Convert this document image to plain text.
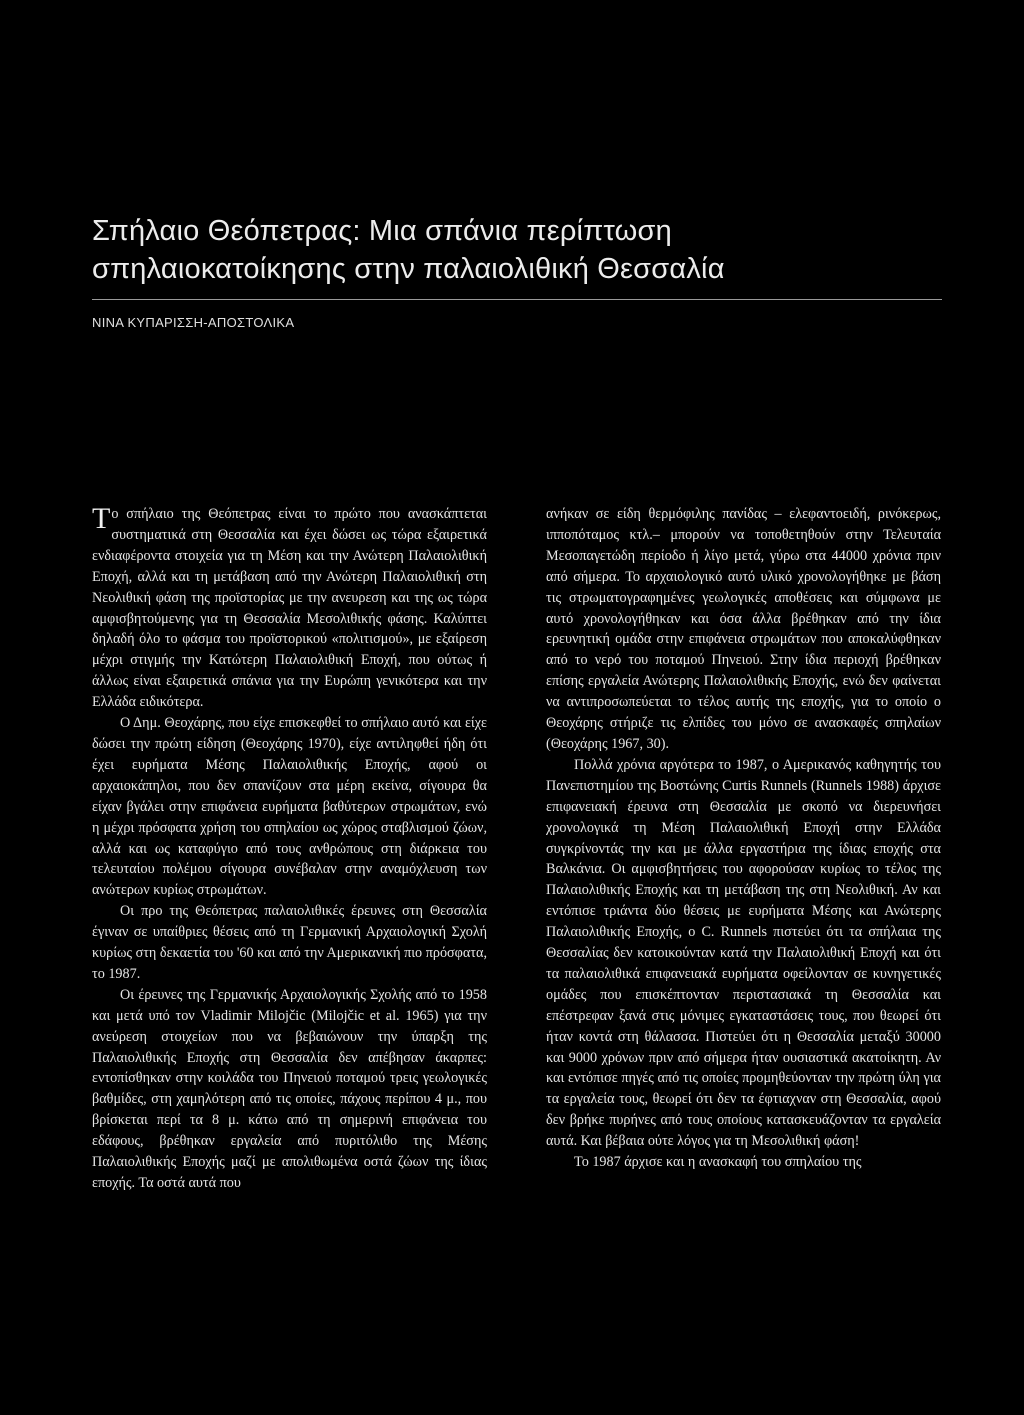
Σπήλαιο Θεόπετρας: Μια σπάνια περίπτωση
σπηλαιοκατοίκησης στην παλαιολιθική Θεσσαλία
ΝΙΝΑ ΚΥΠΑΡΙΣΣΗ-ΑΠΟΣΤΟΛΙΚΑ

Το σπήλαιο της Θεόπετρας είναι το πρώτο που ανασκάπτεται συστηματικά στη Θεσσαλία και έχει δώσει ως τώρα εξαιρετικά ενδιαφέροντα στοιχεία για τη Μέση και την Ανώτερη Παλαιολιθική Εποχή, αλλά και τη μετάβαση από την Ανώτερη Παλαιολιθική στη Νεολιθική φάση της προϊστορίας με την ανευρεση και της ως τώρα αμφισβητούμενης για τη Θεσσαλία Μεσολιθικής φάσης. Καλύπτει δηλαδή όλο το φάσμα του προϊστορικού «πολιτισμού», με εξαίρεση μέχρι στιγμής την Κατώτερη Παλαιολιθική Εποχή, που ούτως ή άλλως είναι εξαιρετικά σπάνια για την Ευρώπη γενικότερα και την Ελλάδα ειδικότερα.

Ο Δημ. Θεοχάρης, που είχε επισκεφθεί το σπήλαιο αυτό και είχε δώσει την πρώτη είδηση (Θεοχάρης 1970), είχε αντιληφθεί ήδη ότι έχει ευρήματα Μέσης Παλαιολιθικής Εποχής, αφού οι αρχαιοκάπηλοι, που δεν σπανίζουν στα μέρη εκείνα, σίγουρα θα είχαν βγάλει στην επιφάνεια ευρήματα βαθύτερων στρωμάτων, ενώ η μέχρι πρόσφατα χρήση του σπηλαίου ως χώρος σταβλισμού ζώων, αλλά και ως καταφύγιο από τους ανθρώπους στη διάρκεια του τελευταίου πολέμου σίγουρα συνέβαλαν στην αναμόχλευση των ανώτερων κυρίως στρωμάτων.

Οι προ της Θεόπετρας παλαιολιθικές έρευνες στη Θεσσαλία έγιναν σε υπαίθριες θέσεις από τη Γερμανική Αρχαιολογική Σχολή κυρίως στη δεκαετία του '60 και από την Αμερικανική πιο πρόσφατα, το 1987.

Οι έρευνες της Γερμανικής Αρχαιολογικής Σχολής από το 1958 και μετά υπό τον Vladimir Milojčic (Milojčic et al. 1965) για την ανεύρεση στοιχείων που να βεβαιώνουν την ύπαρξη της Παλαιολιθικής Εποχής στη Θεσσαλία δεν απέβησαν άκαρπες: εντοπίσθηκαν στην κοιλάδα του Πηνειού ποταμού τρεις γεωλογικές βαθμίδες, στη χαμηλότερη από τις οποίες, πάχους περίπου 4 μ., που βρίσκεται περί τα 8 μ. κάτω από τη σημερινή επιφάνεια του εδάφους, βρέθηκαν εργαλεία από πυριτόλιθο της Μέσης Παλαιολιθικής Εποχής μαζί με απολιθωμένα οστά ζώων της ίδιας εποχής. Τα οστά αυτά που

ανήκαν σε είδη θερμόφιλης πανίδας – ελεφαντοειδή, ρινόκερως, ιπποπόταμος κτλ.– μπορούν να τοποθετηθούν στην Τελευταία Μεσοπαγετώδη περίοδο ή λίγο μετά, γύρω στα 44000 χρόνια πριν από σήμερα. Το αρχαιολογικό αυτό υλικό χρονολογήθηκε με βάση τις στρωματογραφημένες γεωλογικές αποθέσεις και σύμφωνα με αυτό χρονολογήθηκαν και όσα άλλα βρέθηκαν από την ίδια ερευνητική ομάδα στην επιφάνεια στρωμάτων που αποκαλύφθηκαν από το νερό του ποταμού Πηνειού. Στην ίδια περιοχή βρέθηκαν επίσης εργαλεία Ανώτερης Παλαιολιθικής Εποχής, ενώ δεν φαίνεται να αντιπροσωπεύεται το τέλος αυτής της εποχής, για το οποίο ο Θεοχάρης στήριζε τις ελπίδες του μόνο σε ανασκαφές σπηλαίων (Θεοχάρης 1967, 30).

Πολλά χρόνια αργότερα το 1987, ο Αμερικανός καθηγητής του Πανεπιστημίου της Βοστώνης Curtis Runnels (Runnels 1988) άρχισε επιφανειακή έρευνα στη Θεσσαλία με σκοπό να διερευνήσει χρονολογικά τη Μέση Παλαιολιθική Εποχή στην Ελλάδα συγκρίνοντάς την και με άλλα εργαστήρια της ίδιας εποχής στα Βαλκάνια. Οι αμφισβητήσεις του αφορούσαν κυρίως το τέλος της Παλαιολιθικής Εποχής και τη μετάβαση της στη Νεολιθική. Αν και εντόπισε τριάντα δύο θέσεις με ευρήματα Μέσης και Ανώτερης Παλαιολιθικής Εποχής, ο C. Runnels πιστεύει ότι τα σπήλαια της Θεσσαλίας δεν κατοικούνταν κατά την Παλαιολιθική Εποχή και ότι τα παλαιολιθικά επιφανειακά ευρήματα οφείλονταν σε κυνηγετικές ομάδες που επισκέπτονταν περιστασιακά τη Θεσσαλία και επέστρεφαν ξανά στις μόνιμες εγκαταστάσεις τους, που θεωρεί ότι ήταν κοντά στη θάλασσα. Πιστεύει ότι η Θεσσαλία μεταξύ 30000 και 9000 χρόνων πριν από σήμερα ήταν ουσιαστικά ακατοίκητη. Αν και εντόπισε πηγές από τις οποίες προμηθεύονταν την πρώτη ύλη για τα εργαλεία τους, θεωρεί ότι δεν τα έφτιαχναν στη Θεσσαλία, αφού δεν βρήκε πυρήνες από τους οποίους κατασκευάζονταν τα εργαλεία αυτά. Και βέβαια ούτε λόγος για τη Μεσολιθική φάση!

Το 1987 άρχισε και η ανασκαφή του σπηλαίου της
